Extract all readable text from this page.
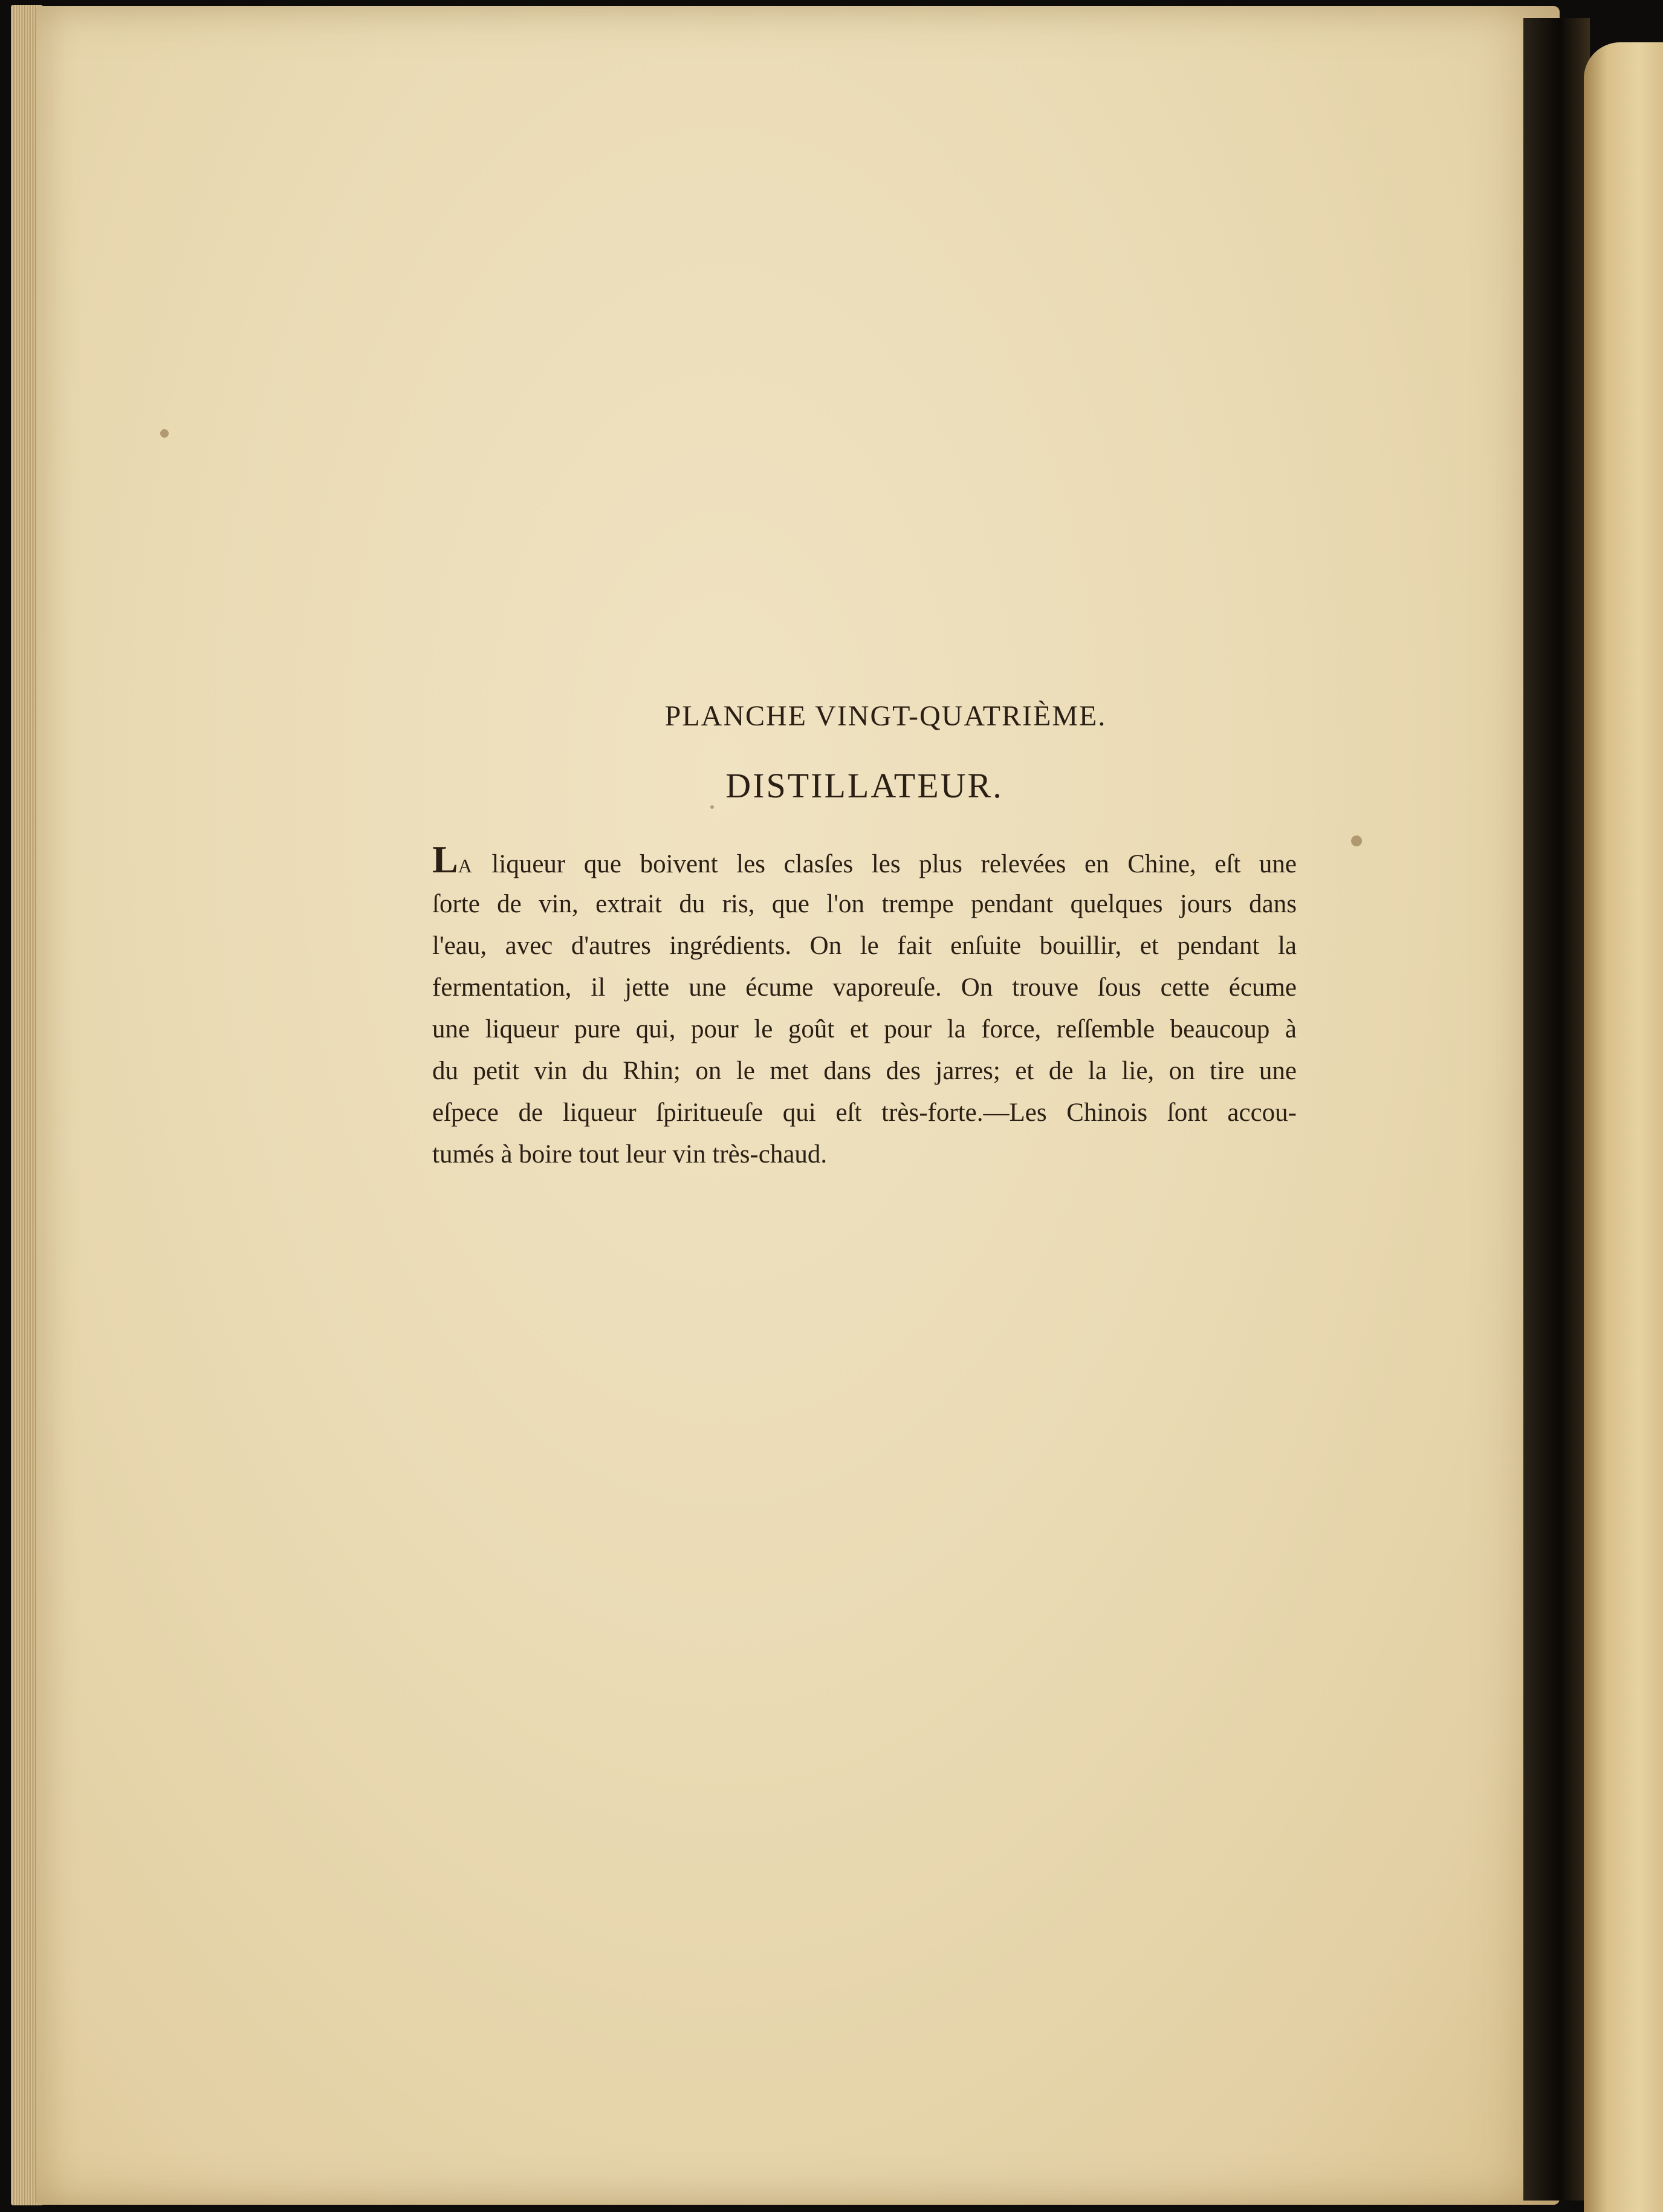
PLANCHE VINGT-QUATRIÈME.
DISTILLATEUR.
LA liqueur que boivent les clasſes les plus relevées en Chine, eſt une
ſorte de vin, extrait du ris, que l'on trempe pendant quelques jours dans
l'eau, avec d'autres ingrédients. On le fait enſuite bouillir, et pendant la
fermentation, il jette une écume vaporeuſe. On trouve ſous cette écume
une liqueur pure qui, pour le goût et pour la force, reſſemble beaucoup à
du petit vin du Rhin; on le met dans des jarres; et de la lie, on tire une
eſpece de liqueur ſpiritueuſe qui eſt très-forte.—Les Chinois ſont accou-
tumés à boire tout leur vin très-chaud.
